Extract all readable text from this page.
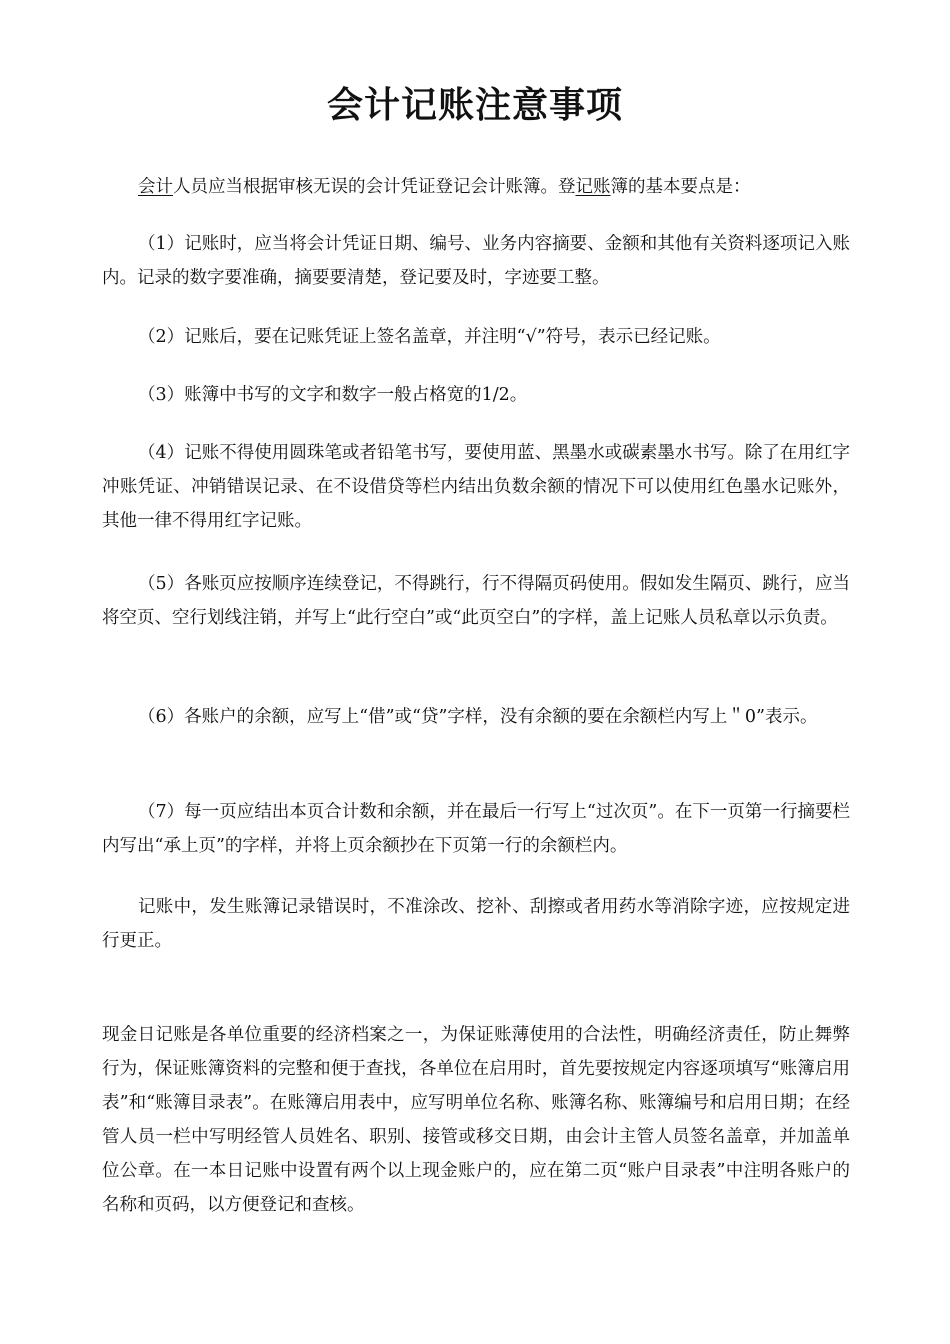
会计记账注意事项

会计人员应当根据审核无误的会计凭证登记会计账簿。登记账簿的基本要点是：

（1）记账时，应当将会计凭证日期、编号、业务内容摘要、金额和其他有关资料逐项记入账内。记录的数字要准确，摘要要清楚，登记要及时，字迹要工整。

（2）记账后，要在记账凭证上签名盖章，并注明“√”符号，表示已经记账。

（3）账簿中书写的文字和数字一般占格宽的1/2。

（4）记账不得使用圆珠笔或者铅笔书写，要使用蓝、黑墨水或碳素墨水书写。除了在用红字冲账凭证、冲销错误记录、在不设借贷等栏内结出负数余额的情况下可以使用红色墨水记账外，其他一律不得用红字记账。

（5）各账页应按顺序连续登记，不得跳行，行不得隔页码使用。假如发生隔页、跳行，应当将空页、空行划线注销，并写上“此行空白”或“此页空白”的字样，盖上记账人员私章以示负责。

（6）各账户的余额，应写上“借”或“贷”字样，没有余额的要在余额栏内写上＂0”表示。

（7）每一页应结出本页合计数和余额，并在最后一行写上“过次页”。在下一页第一行摘要栏内写出“承上页”的字样，并将上页余额抄在下页第一行的余额栏内。

记账中，发生账簿记录错误时，不准涂改、挖补、刮擦或者用药水等消除字迹，应按规定进行更正。

现金日记账是各单位重要的经济档案之一，为保证账薄使用的合法性，明确经济责任，防止舞弊行为，保证账簿资料的完整和便于查找，各单位在启用时，首先要按规定内容逐项填写“账簿启用表”和“账簿目录表”。在账簿启用表中，应写明单位名称、账簿名称、账簿编号和启用日期；在经管人员一栏中写明经管人员姓名、职别、接管或移交日期，由会计主管人员签名盖章，并加盖单位公章。在一本日记账中设置有两个以上现金账户的，应在第二页“账户目录表”中注明各账户的名称和页码，以方便登记和查核。
